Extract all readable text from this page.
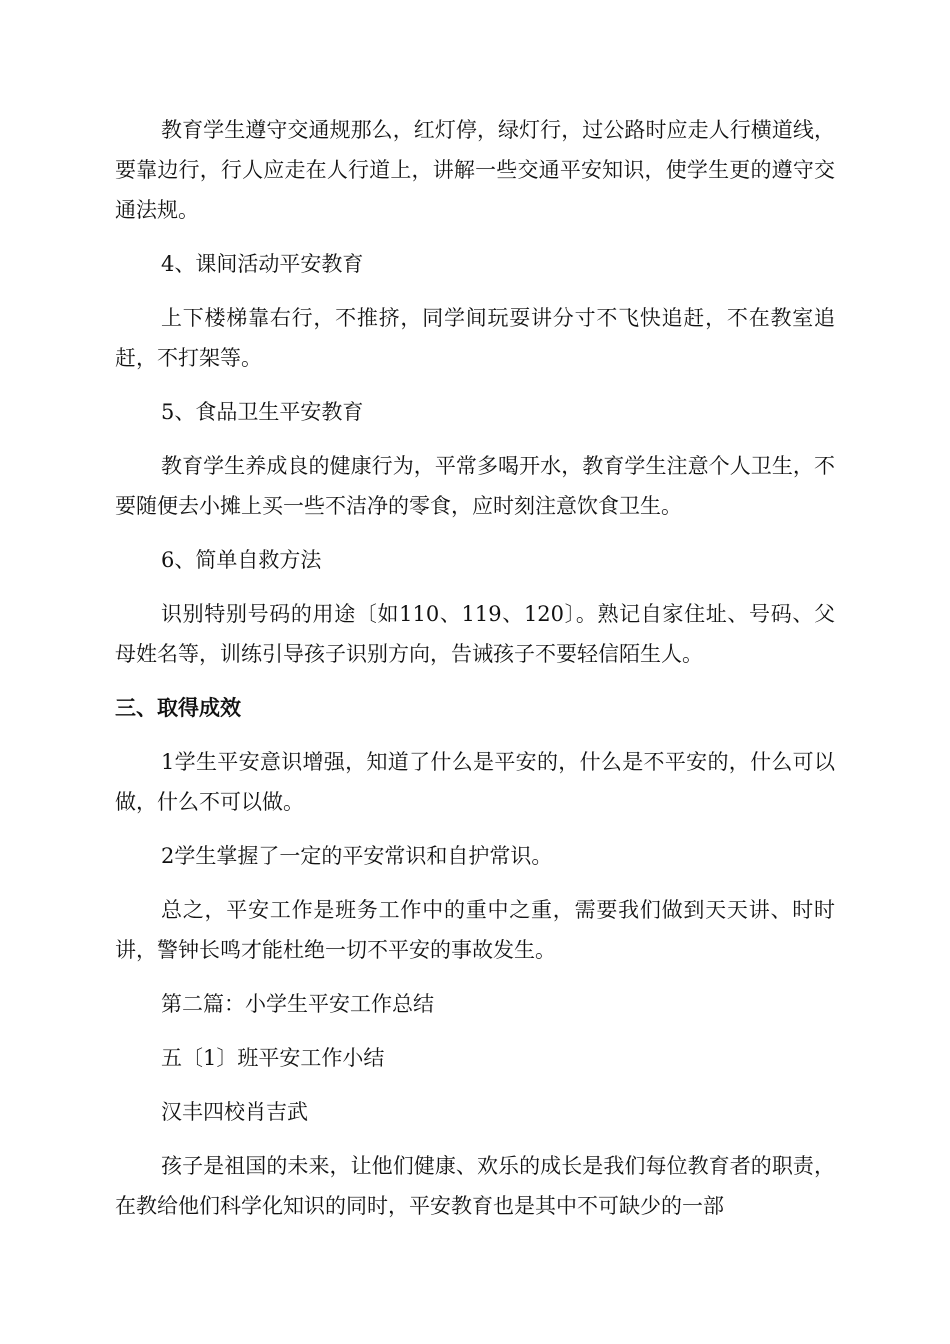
教育学生遵守交通规那么，红灯停，绿灯行，过公路时应走人行横道线，要靠边行，行人应走在人行道上，讲解一些交通平安知识，使学生更的遵守交通法规。

4、课间活动平安教育

上下楼梯靠右行，不推挤，同学间玩耍讲分寸不飞快追赶，不在教室追赶，不打架等。

5、食品卫生平安教育

教育学生养成良的健康行为，平常多喝开水，教育学生注意个人卫生，不要随便去小摊上买一些不洁净的零食，应时刻注意饮食卫生。

6、简单自救方法

识别特别号码的用途〔如110、119、120〕。熟记自家住址、号码、父母姓名等，训练引导孩子识别方向，告诫孩子不要轻信陌生人。

三、取得成效

1学生平安意识增强，知道了什么是平安的，什么是不平安的，什么可以做，什么不可以做。

2学生掌握了一定的平安常识和自护常识。

总之，平安工作是班务工作中的重中之重，需要我们做到天天讲、时时讲，警钟长鸣才能杜绝一切不平安的事故发生。

第二篇：小学生平安工作总结

五〔1〕班平安工作小结

汉丰四校肖吉武

孩子是祖国的未来，让他们健康、欢乐的成长是我们每位教育者的职责，在教给他们科学化知识的同时，平安教育也是其中不可缺少的一部
